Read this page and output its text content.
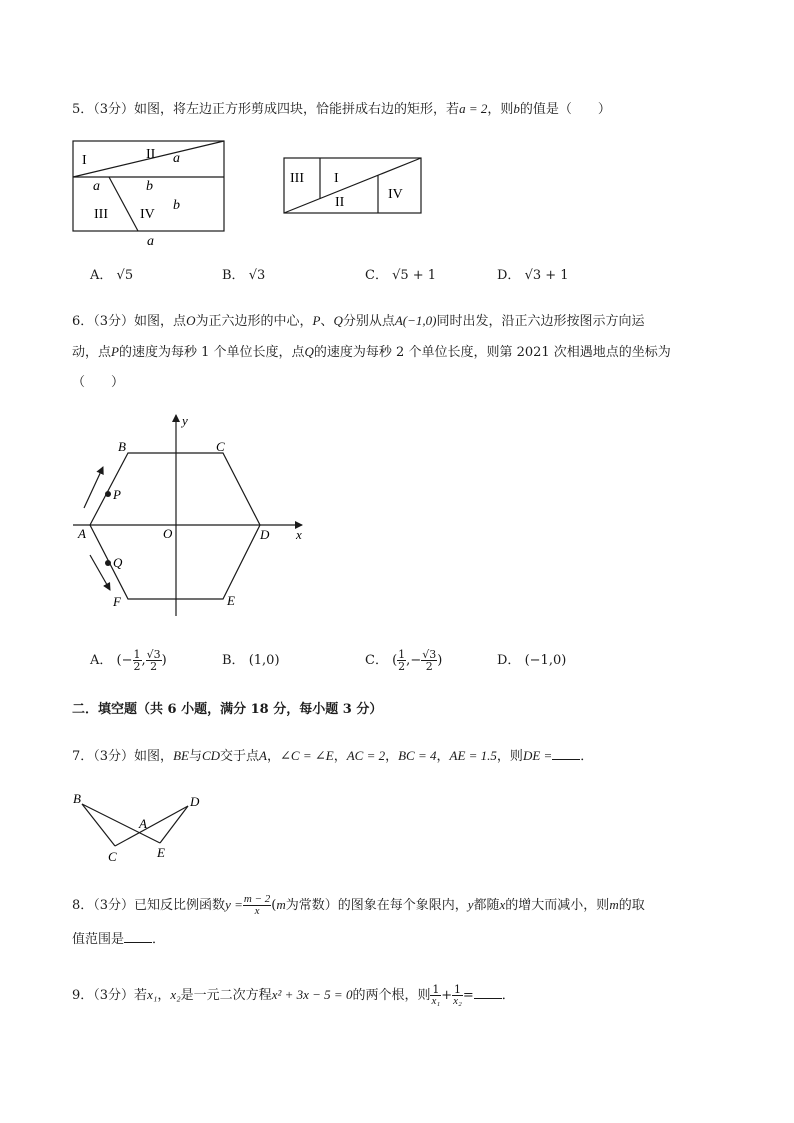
5．（3分）如图，将左边正方形剪成四块，恰能拼成右边的矩形，若a = 2，则b的值是（　　）
I	II
III IV
a	b
a
b
a
III I
II
IV
A． √5	B． √3	C． √5 + 1	D． √3 + 1
6．（3分）如图，点O为正六边形的中心，P、Q分别从点A(−1,0)同时出发，沿正六边形按图示方向运
动，点P的速度为每秒 1 个单位长度，点Q的速度为每秒 2 个单位长度，则第 2021 次相遇地点的坐标为
（　　）
A
B	C
D
E
F
O
P
Q
x
y
A． (− $\frac{1}{2}$ , $\frac{√3}{2}$ )	B． (1,0)	C． ( $\frac{1}{2}$ ,− $\frac{√3}{2}$ )	D． (−1,0)
二．填空题（共 6 小题，满分 18 分，每小题 3 分）
7．（3分）如图，BE与CD交于点A，∠C = ∠E，AC = 2，BC = 4，AE = 1.5，则DE = ．
B
C
A
D
E
8．（3分）已知反比例函数$y = \frac{m - 2}{x} (m$为常数）的图象在每个象限内，y都随x的增大而减小，则m的取
值范围是 ．
9．（3分）若x₁，x₂是一元二次方程x² + 3x − 5 = 0的两个根，则 $\frac{1}{\text{x₁}} + \frac{1}{\text{x₂}}$ = ．
